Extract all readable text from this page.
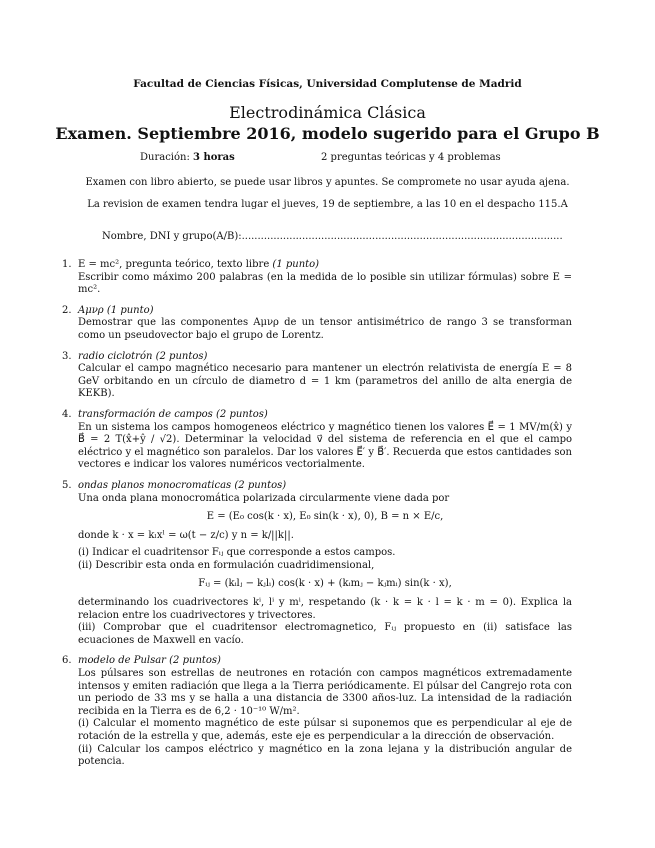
Facultad de Ciencias Físicas, Universidad Complutense de Madrid
Electrodinámica Clásica
Examen. Septiembre 2016, modelo sugerido para el Grupo B
Duración: 3 horas	2 preguntas teóricas y 4 problemas
Examen con libro abierto, se puede usar libros y apuntes. Se compromete no usar ayuda ajena.
La revision de examen tendra lugar el jueves, 19 de septiembre, a las 10 en el despacho 115.A
Nombre, DNI y grupo(A/B):.....................................................................................................
1. E = mc², pregunta teórico, texto libre (1 punto)

Escribir como máximo 200 palabras (en la medida de lo posible sin utilizar fórmulas) sobre E = mc².

2. Aμνρ (1 punto)

Demostrar que las componentes Aμνρ de un tensor antisimétrico de rango 3 se transforman como un pseudovector bajo el grupo de Lorentz.

3. radio ciclotrón (2 puntos)

Calcular el campo magnético necesario para mantener un electrón relativista de energía E = 8 GeV orbitando en un círculo de diametro d = 1 km (parametros del anillo de alta energia de KEKB).

4. transformación de campos (2 puntos)

En un sistema los campos homogeneos eléctrico y magnético tienen los valores E⃗ = 1 MV/m(x̂) y B⃗ = 2 T(x̂+ŷ / √2). Determinar la velocidad v⃗ del sistema de referencia en el que el campo eléctrico y el magnético son paralelos. Dar los valores E⃗′ y B⃗′. Recuerda que estos cantidades son vectores e indicar los valores numéricos vectorialmente.

5. ondas planos monocromaticas (2 puntos)

Una onda plana monocromática polarizada circularmente viene dada por

E = (E₀ cos(k · x), E₀ sin(k · x), 0), B = n × E/c,

donde k · x = kₗxˡ = ω(t − z/c) y n = k/||k||.

(i) Indicar el cuadritensor Fᵢⱼ que corresponde a estos campos.

(ii) Describir esta onda en formulación cuadridimensional,

Fᵢⱼ = (kᵢlⱼ − kⱼlᵢ) cos(k · x) + (kᵢmⱼ − kⱼmᵢ) sin(k · x),

determinando los cuadrivectores kⁱ, lⁱ y mⁱ, respetando (k · k = k · l = k · m = 0). Explica la relacion entre los cuadrivectores y trivectores.

(iii) Comprobar que el cuadritensor electromagnetico, Fᵢⱼ propuesto en (ii) satisface las ecuaciones de Maxwell en vacío.

6. modelo de Pulsar (2 puntos)

Los púlsares son estrellas de neutrones en rotación con campos magnéticos extremadamente intensos y emiten radiación que llega a la Tierra periódicamente. El púlsar del Cangrejo rota con un periodo de 33 ms y se halla a una distancia de 3300 años-luz. La intensidad de la radiación recibida en la Tierra es de 6,2 · 10⁻¹⁰ W/m².

(i) Calcular el momento magnético de este púlsar si suponemos que es perpendicular al eje de rotación de la estrella y que, además, este eje es perpendicular a la dirección de observación.

(ii) Calcular los campos eléctrico y magnético en la zona lejana y la distribución angular de potencia.
